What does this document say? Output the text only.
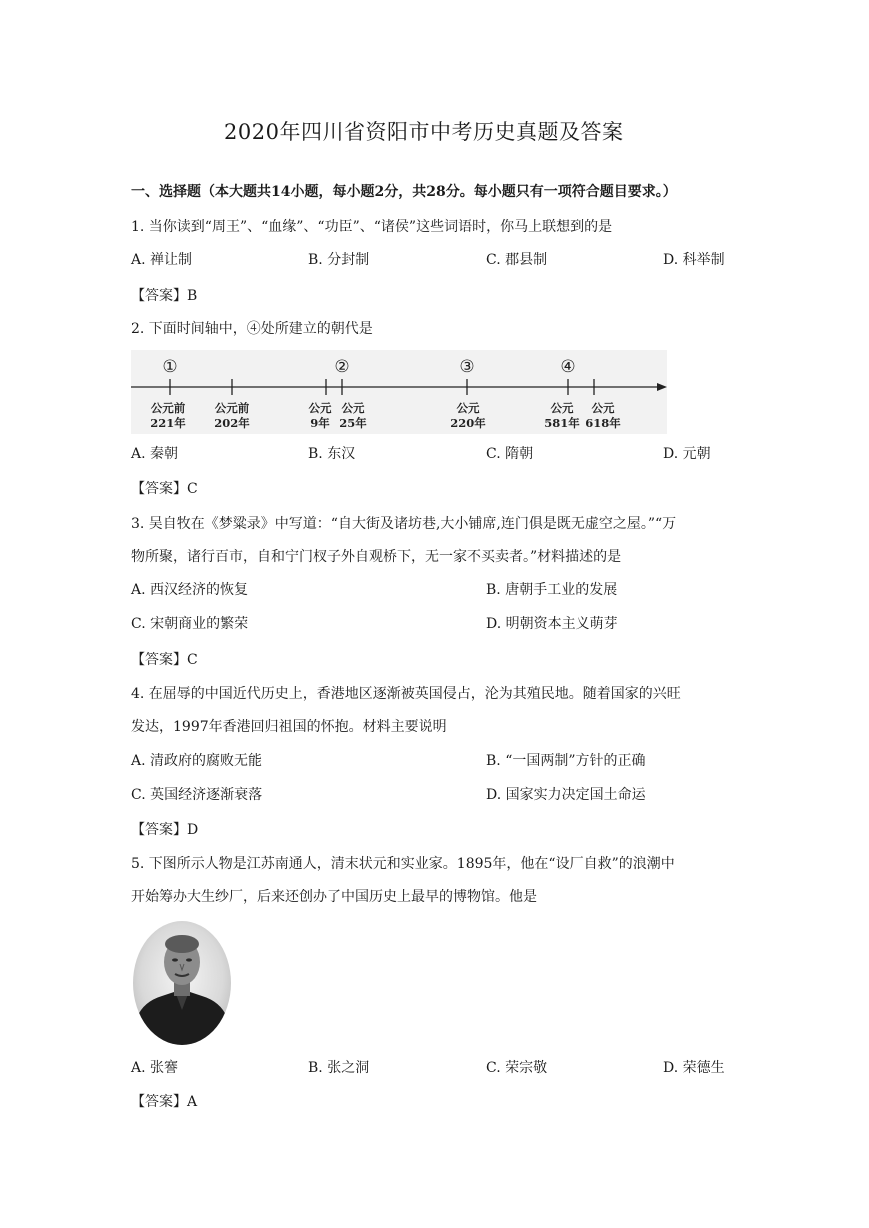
2020年四川省资阳市中考历史真题及答案
一、选择题（本大题共14小题，每小题2分，共28分。每小题只有一项符合题目要求。）
1. 当你读到“周王”、“血缘”、“功臣”、“诸侯”这些词语时，你马上联想到的是
A. 禅让制	B. 分封制	C. 郡县制	D. 科举制
【答案】B
2. 下面时间轴中，④处所建立的朝代是
①	②	③	④
公元前
221年
公元前
202年
公元
9年
公元
25年
公元
220年
公元
581年
公元
618年
A. 秦朝	B. 东汉	C. 隋朝	D. 元朝
【答案】C
3. 吴自牧在《梦粱录》中写道：“自大街及诸坊巷,大小铺席,连门俱是既无虚空之屋。”“万
物所聚，诸行百市，自和宁门杈子外自观桥下，无一家不买卖者。”材料描述的是
A. 西汉经济的恢复	B. 唐朝手工业的发展
C. 宋朝商业的繁荣	D. 明朝资本主义萌芽
【答案】C
4. 在屈辱的中国近代历史上，香港地区逐渐被英国侵占，沦为其殖民地。随着国家的兴旺
发达，1997年香港回归祖国的怀抱。材料主要说明
A. 清政府的腐败无能	B. “一国两制”方针的正确
C. 英国经济逐渐衰落	D. 国家实力决定国土命运
【答案】D
5. 下图所示人物是江苏南通人，清末状元和实业家。1895年，他在“设厂自救”的浪潮中
开始筹办大生纱厂，后来还创办了中国历史上最早的博物馆。他是
A. 张謇	B. 张之洞	C. 荣宗敬	D. 荣德生
【答案】A
